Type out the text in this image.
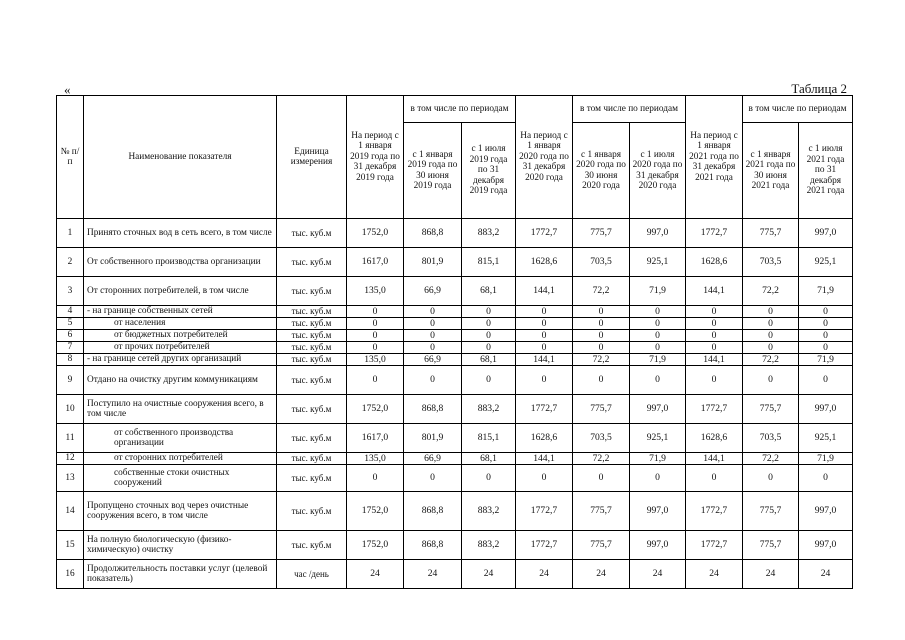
«	Таблица 2
№ п/п	Наименование показателя	Единица измерения	На период с 1 января 2019 года по 31 декабря 2019 года	в том числе по периодам		На период с 1 января 2020 года по 31 декабря 2020 года	в том числе по периодам		На период с 1 января 2021 года по 31 декабря 2021 года	в том числе по периодам	
				с 1 января 2019 года по 30 июня 2019 года	с 1 июля 2019 года по 31 декабря 2019 года		с 1 января 2020 года по 30 июня 2020 года	с 1 июля 2020 года по 31 декабря 2020 года		с 1 января 2021 года по 30 июня 2021 года	с 1 июля 2021 года по 31 декабря 2021 года
1	Принято сточных вод в сеть всего, в том числе	тыс. куб.м	1752,0	868,8	883,2	1772,7	775,7	997,0	1772,7	775,7	997,0
2	От собственного производства организации	тыс. куб.м	1617,0	801,9	815,1	1628,6	703,5	925,1	1628,6	703,5	925,1
3	От сторонних потребителей, в том числе	тыс. куб.м	135,0	66,9	68,1	144,1	72,2	71,9	144,1	72,2	71,9
4	- на границе собственных сетей	тыс. куб.м	0	0	0	0	0	0	0	0	0
5	от населения	тыс. куб.м	0	0	0	0	0	0	0	0	0
6	от бюджетных потребителей	тыс. куб.м	0	0	0	0	0	0	0	0	0
7	от прочих потребителей	тыс. куб.м	0	0	0	0	0	0	0	0	0
8	- на границе сетей других организаций	тыс. куб.м	135,0	66,9	68,1	144,1	72,2	71,9	144,1	72,2	71,9
9	Отдано на очистку другим коммуникациям	тыс. куб.м	0	0	0	0	0	0	0	0	0
10	Поступило на очистные сооружения всего, в том числе	тыс. куб.м	1752,0	868,8	883,2	1772,7	775,7	997,0	1772,7	775,7	997,0
11	от собственного производства организации	тыс. куб.м	1617,0	801,9	815,1	1628,6	703,5	925,1	1628,6	703,5	925,1
12	от сторонних потребителей	тыс. куб.м	135,0	66,9	68,1	144,1	72,2	71,9	144,1	72,2	71,9
13	собственные стоки очистных сооружений	тыс. куб.м	0	0	0	0	0	0	0	0	0
14	Пропущено сточных вод через очистные сооружения всего, в том числе	тыс. куб.м	1752,0	868,8	883,2	1772,7	775,7	997,0	1772,7	775,7	997,0
15	На полную биологическую (физико-химическую) очистку	тыс. куб.м	1752,0	868,8	883,2	1772,7	775,7	997,0	1772,7	775,7	997,0
16	Продолжительность поставки услуг (целевой показатель)	час /день	24	24	24	24	24	24	24	24	24
